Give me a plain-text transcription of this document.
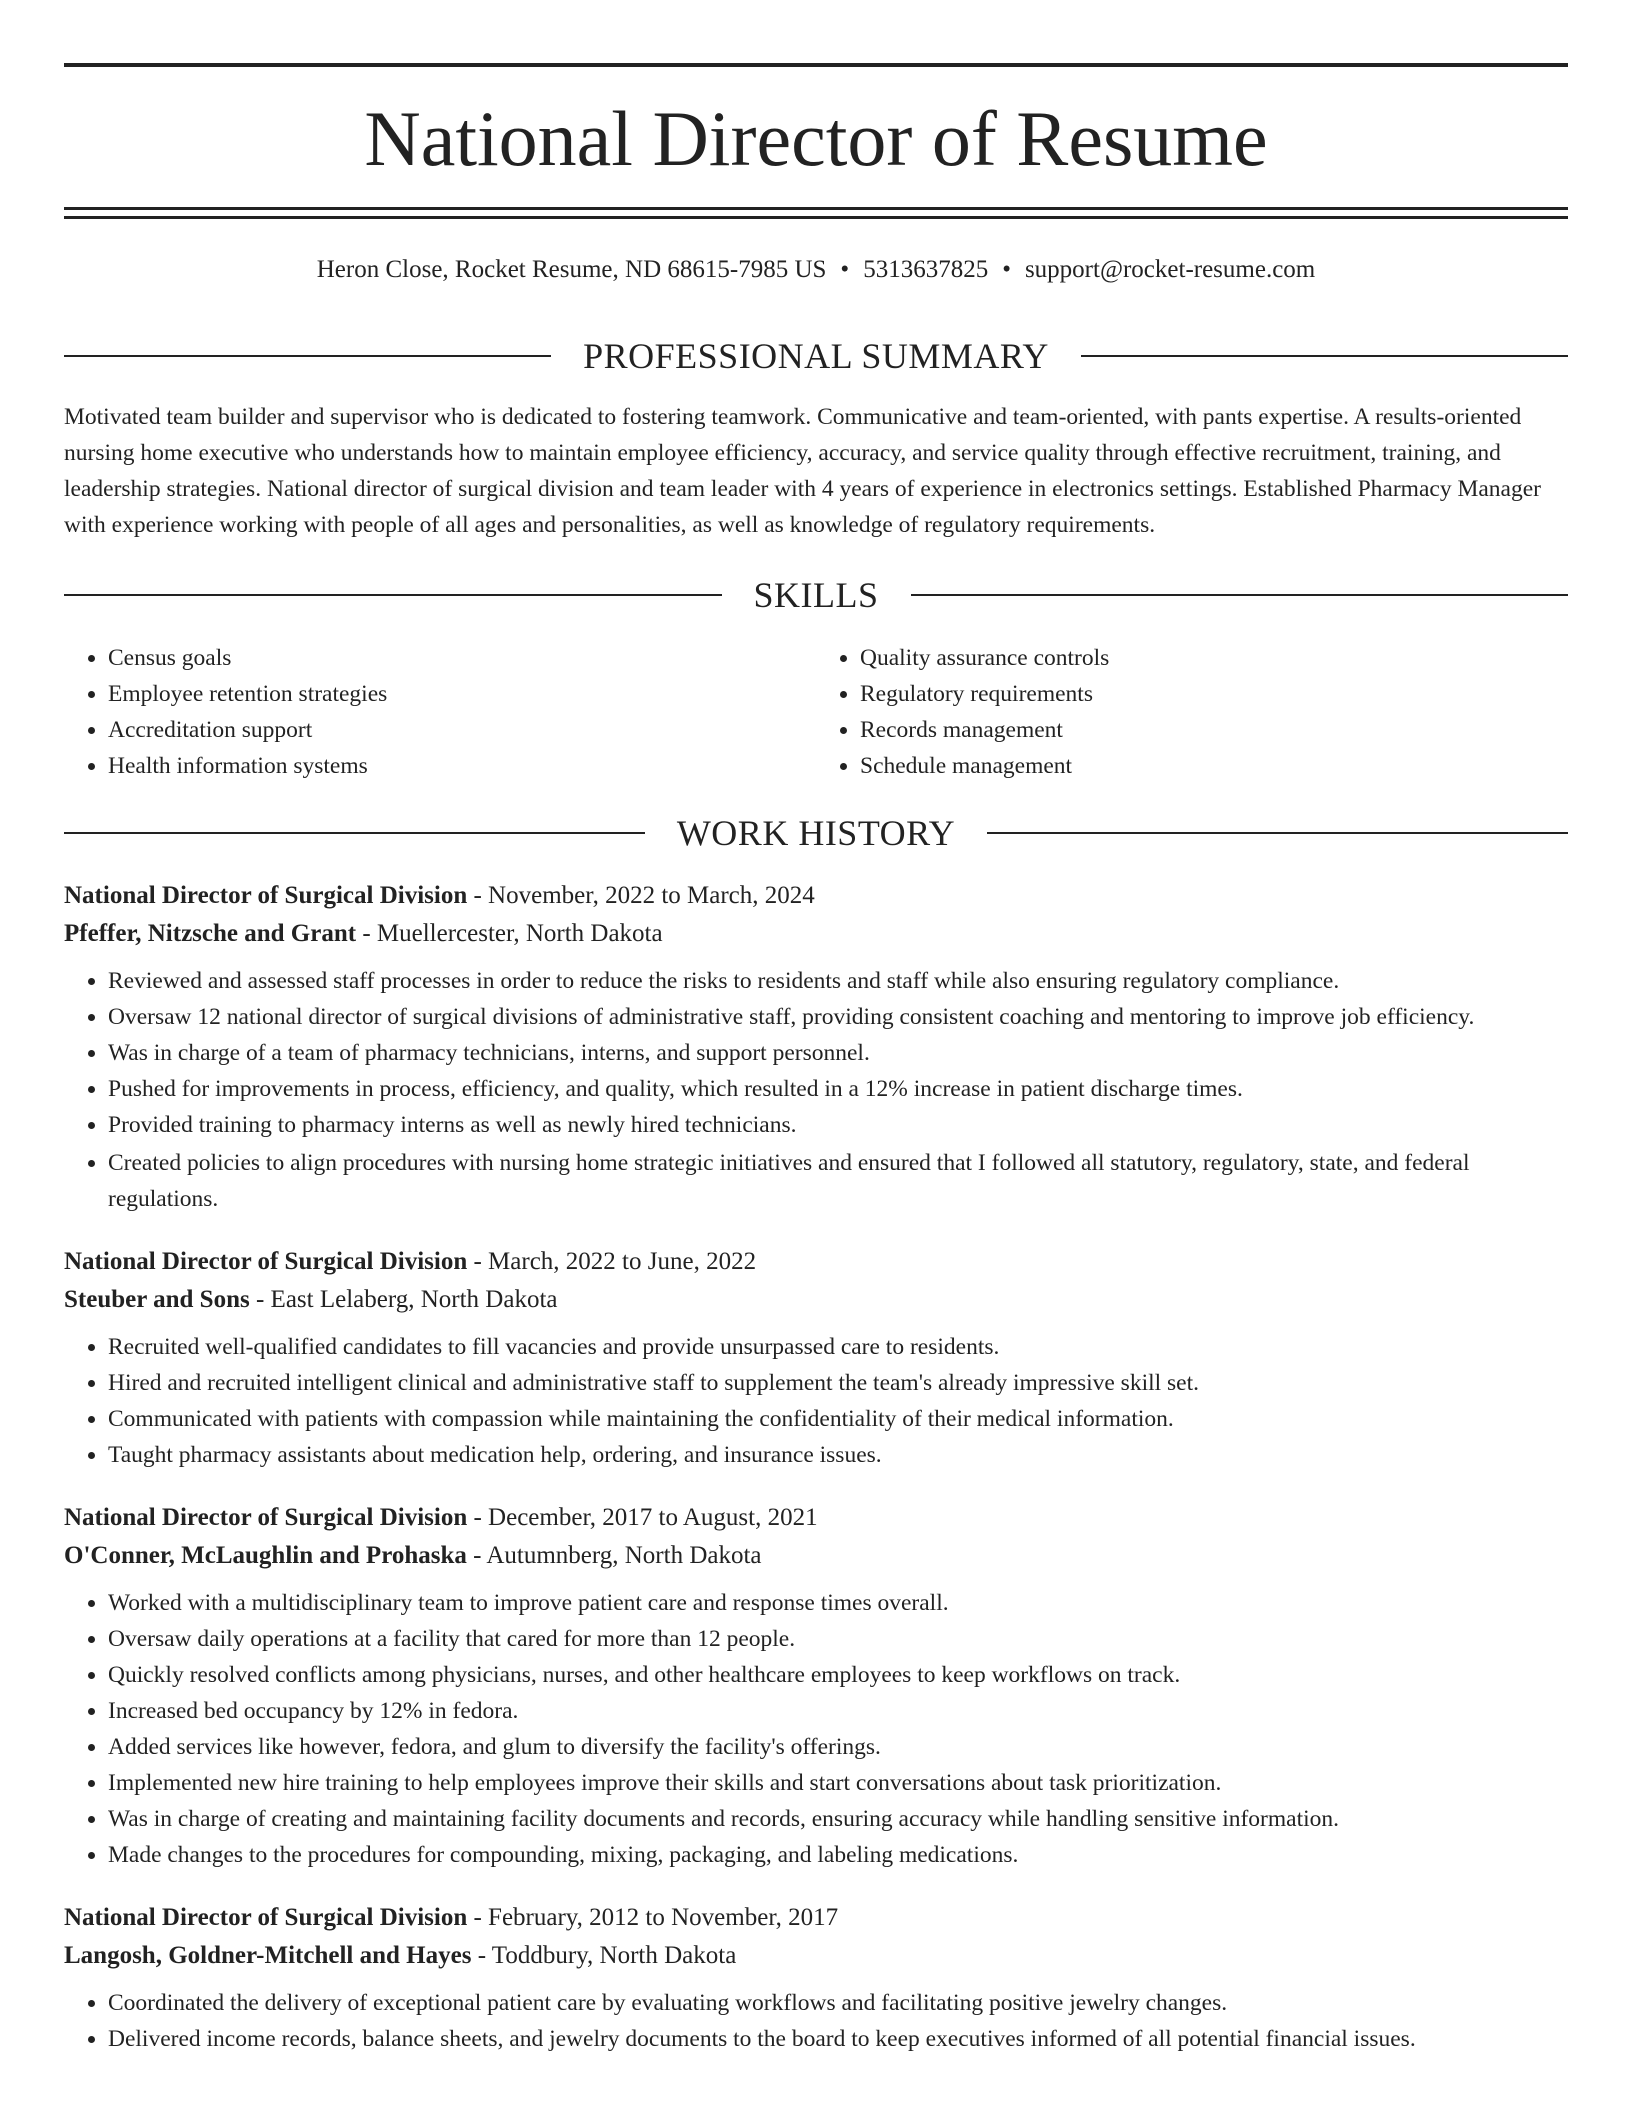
National Director of Resume
Heron Close, Rocket Resume, ND 68615-7985 US • 5313637825 • support@rocket-resume.com
PROFESSIONAL SUMMARY

Motivated team builder and supervisor who is dedicated to fostering teamwork. Communicative and team-oriented, with pants expertise. A results-oriented nursing home executive who understands how to maintain employee efficiency, accuracy, and service quality through effective recruitment, training, and leadership strategies. National director of surgical division and team leader with 4 years of experience in electronics settings. Established Pharmacy Manager with experience working with people of all ages and personalities, as well as knowledge of regulatory requirements.

SKILLS
• Census goals
• Employee retention strategies
• Accreditation support
• Health information systems
• Quality assurance controls
• Regulatory requirements
• Records management
• Schedule management
WORK HISTORY
National Director of Surgical Division - November, 2022 to March, 2024
Pfeffer, Nitzsche and Grant - Muellercester, North Dakota
• Reviewed and assessed staff processes in order to reduce the risks to residents and staff while also ensuring regulatory compliance.
• Oversaw 12 national director of surgical divisions of administrative staff, providing consistent coaching and mentoring to improve job efficiency.
• Was in charge of a team of pharmacy technicians, interns, and support personnel.
• Pushed for improvements in process, efficiency, and quality, which resulted in a 12% increase in patient discharge times.
• Provided training to pharmacy interns as well as newly hired technicians.
• Created policies to align procedures with nursing home strategic initiatives and ensured that I followed all statutory, regulatory, state, and federal regulations.
National Director of Surgical Division - March, 2022 to June, 2022
Steuber and Sons - East Lelaberg, North Dakota
• Recruited well-qualified candidates to fill vacancies and provide unsurpassed care to residents.
• Hired and recruited intelligent clinical and administrative staff to supplement the team's already impressive skill set.
• Communicated with patients with compassion while maintaining the confidentiality of their medical information.
• Taught pharmacy assistants about medication help, ordering, and insurance issues.
National Director of Surgical Division - December, 2017 to August, 2021
O'Conner, McLaughlin and Prohaska - Autumnberg, North Dakota
• Worked with a multidisciplinary team to improve patient care and response times overall.
• Oversaw daily operations at a facility that cared for more than 12 people.
• Quickly resolved conflicts among physicians, nurses, and other healthcare employees to keep workflows on track.
• Increased bed occupancy by 12% in fedora.
• Added services like however, fedora, and glum to diversify the facility's offerings.
• Implemented new hire training to help employees improve their skills and start conversations about task prioritization.
• Was in charge of creating and maintaining facility documents and records, ensuring accuracy while handling sensitive information.
• Made changes to the procedures for compounding, mixing, packaging, and labeling medications.
National Director of Surgical Division - February, 2012 to November, 2017
Langosh, Goldner-Mitchell and Hayes - Toddbury, North Dakota
• Coordinated the delivery of exceptional patient care by evaluating workflows and facilitating positive jewelry changes.
• Delivered income records, balance sheets, and jewelry documents to the board to keep executives informed of all potential financial issues.
